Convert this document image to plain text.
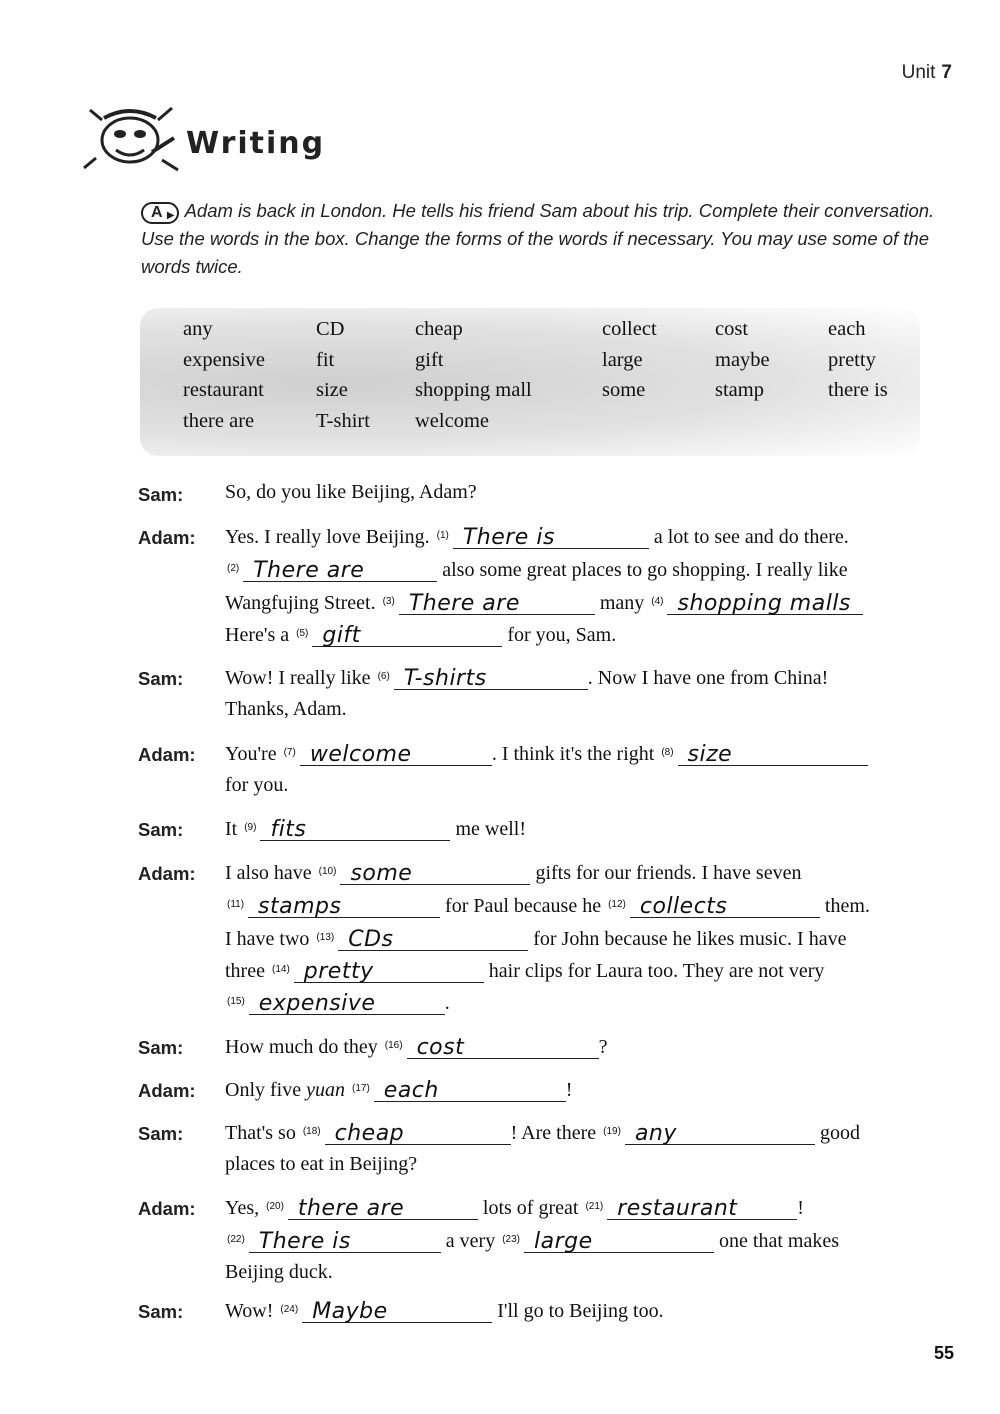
Unit 7
Writing
A ▶ Adam is back in London. He tells his friend Sam about his trip. Complete their conversation. Use the words in the box. Change the forms of the words if necessary. You may use some of the words twice.
any	CD	cheap	collect	cost	each
expensive	fit	gift	large	maybe	pretty
restaurant	size	shopping mall	some	stamp	there is
there are	T-shirt	welcome
Sam: So, do you like Beijing, Adam?
Adam: Yes. I really love Beijing. $^{(1)}$ There is	a lot to see and do there.
$^{(2)}$ There are	also some great places to go shopping. I really like
Wangfujing Street. $^{(3)}$ There are	many $^{(4)}$ shopping malls
Here's a $^{(5)}$ gift	for you, Sam.
Sam: Wow! I really like $^{(6)}$ T-shirts	. Now I have one from China!
Thanks, Adam.
Adam: You're $^{(7)}$ welcome	. I think it's the right $^{(8)}$ size
for you.
Sam: It $^{(9)}$ fits	me well!
Adam: I also have $^{(10)}$ some	gifts for our friends. I have seven
$^{(11)}$ stamps	for Paul because he $^{(12)}$ collects	them.
I have two $^{(13)}$ CDs	for John because he likes music. I have
three $^{(14)}$ pretty	hair clips for Laura too. They are not very
$^{(15)}$ expensive	.
Sam: How much do they $^{(16)}$ cost	?
Adam: Only five yuan $^{(17)}$ each	!
Sam: That's so $^{(18)}$ cheap	! Are there $^{(19)}$ any	good
places to eat in Beijing?
Adam: Yes, $^{(20)}$ there are	lots of great $^{(21)}$ restaurant	!
$^{(22)}$ There is	a very $^{(23)}$ large	one that makes
Beijing duck.
Sam: Wow! $^{(24)}$ Maybe	I'll go to Beijing too.
55
